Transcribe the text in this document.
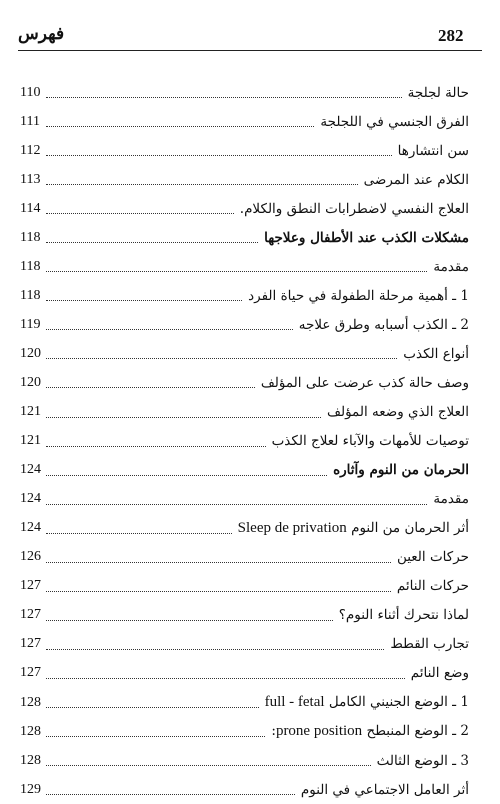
282
فهرس
حالة لجلجة
110
الفرق الجنسي في اللجلجة
111
سن انتشارها
112
الكلام عند المرضى
113
العلاج النفسي لاضطرابات النطق والكلام.
114
مشكلات الكذب عند الأطفال وعلاجها
118
مقدمة
118
1 ـ أهمية مرحلة الطفولة في حياة الفرد
118
2 ـ الكذب أسبابه وطرق علاجه
119
أنواع الكذب
120
وصف حالة كذب عرضت على المؤلف
120
العلاج الذي وضعه المؤلف
121
توصيات للأمهات والآباء لعلاج الكذب
121
الحرمان من النوم وآثاره
124
مقدمة
124
أثر الحرمان من النوم Sleep de privation
124
حركات العين
126
حركات النائم
127
لماذا نتحرك أثناء النوم؟
127
تجارب القطط
127
وضع النائم
127
1 ـ الوضع الجنيني الكامل full - fetal
128
2 ـ الوضع المنبطح prone position:
128
3 ـ الوضع الثالث
128
أثر العامل الاجتماعي في النوم
129
